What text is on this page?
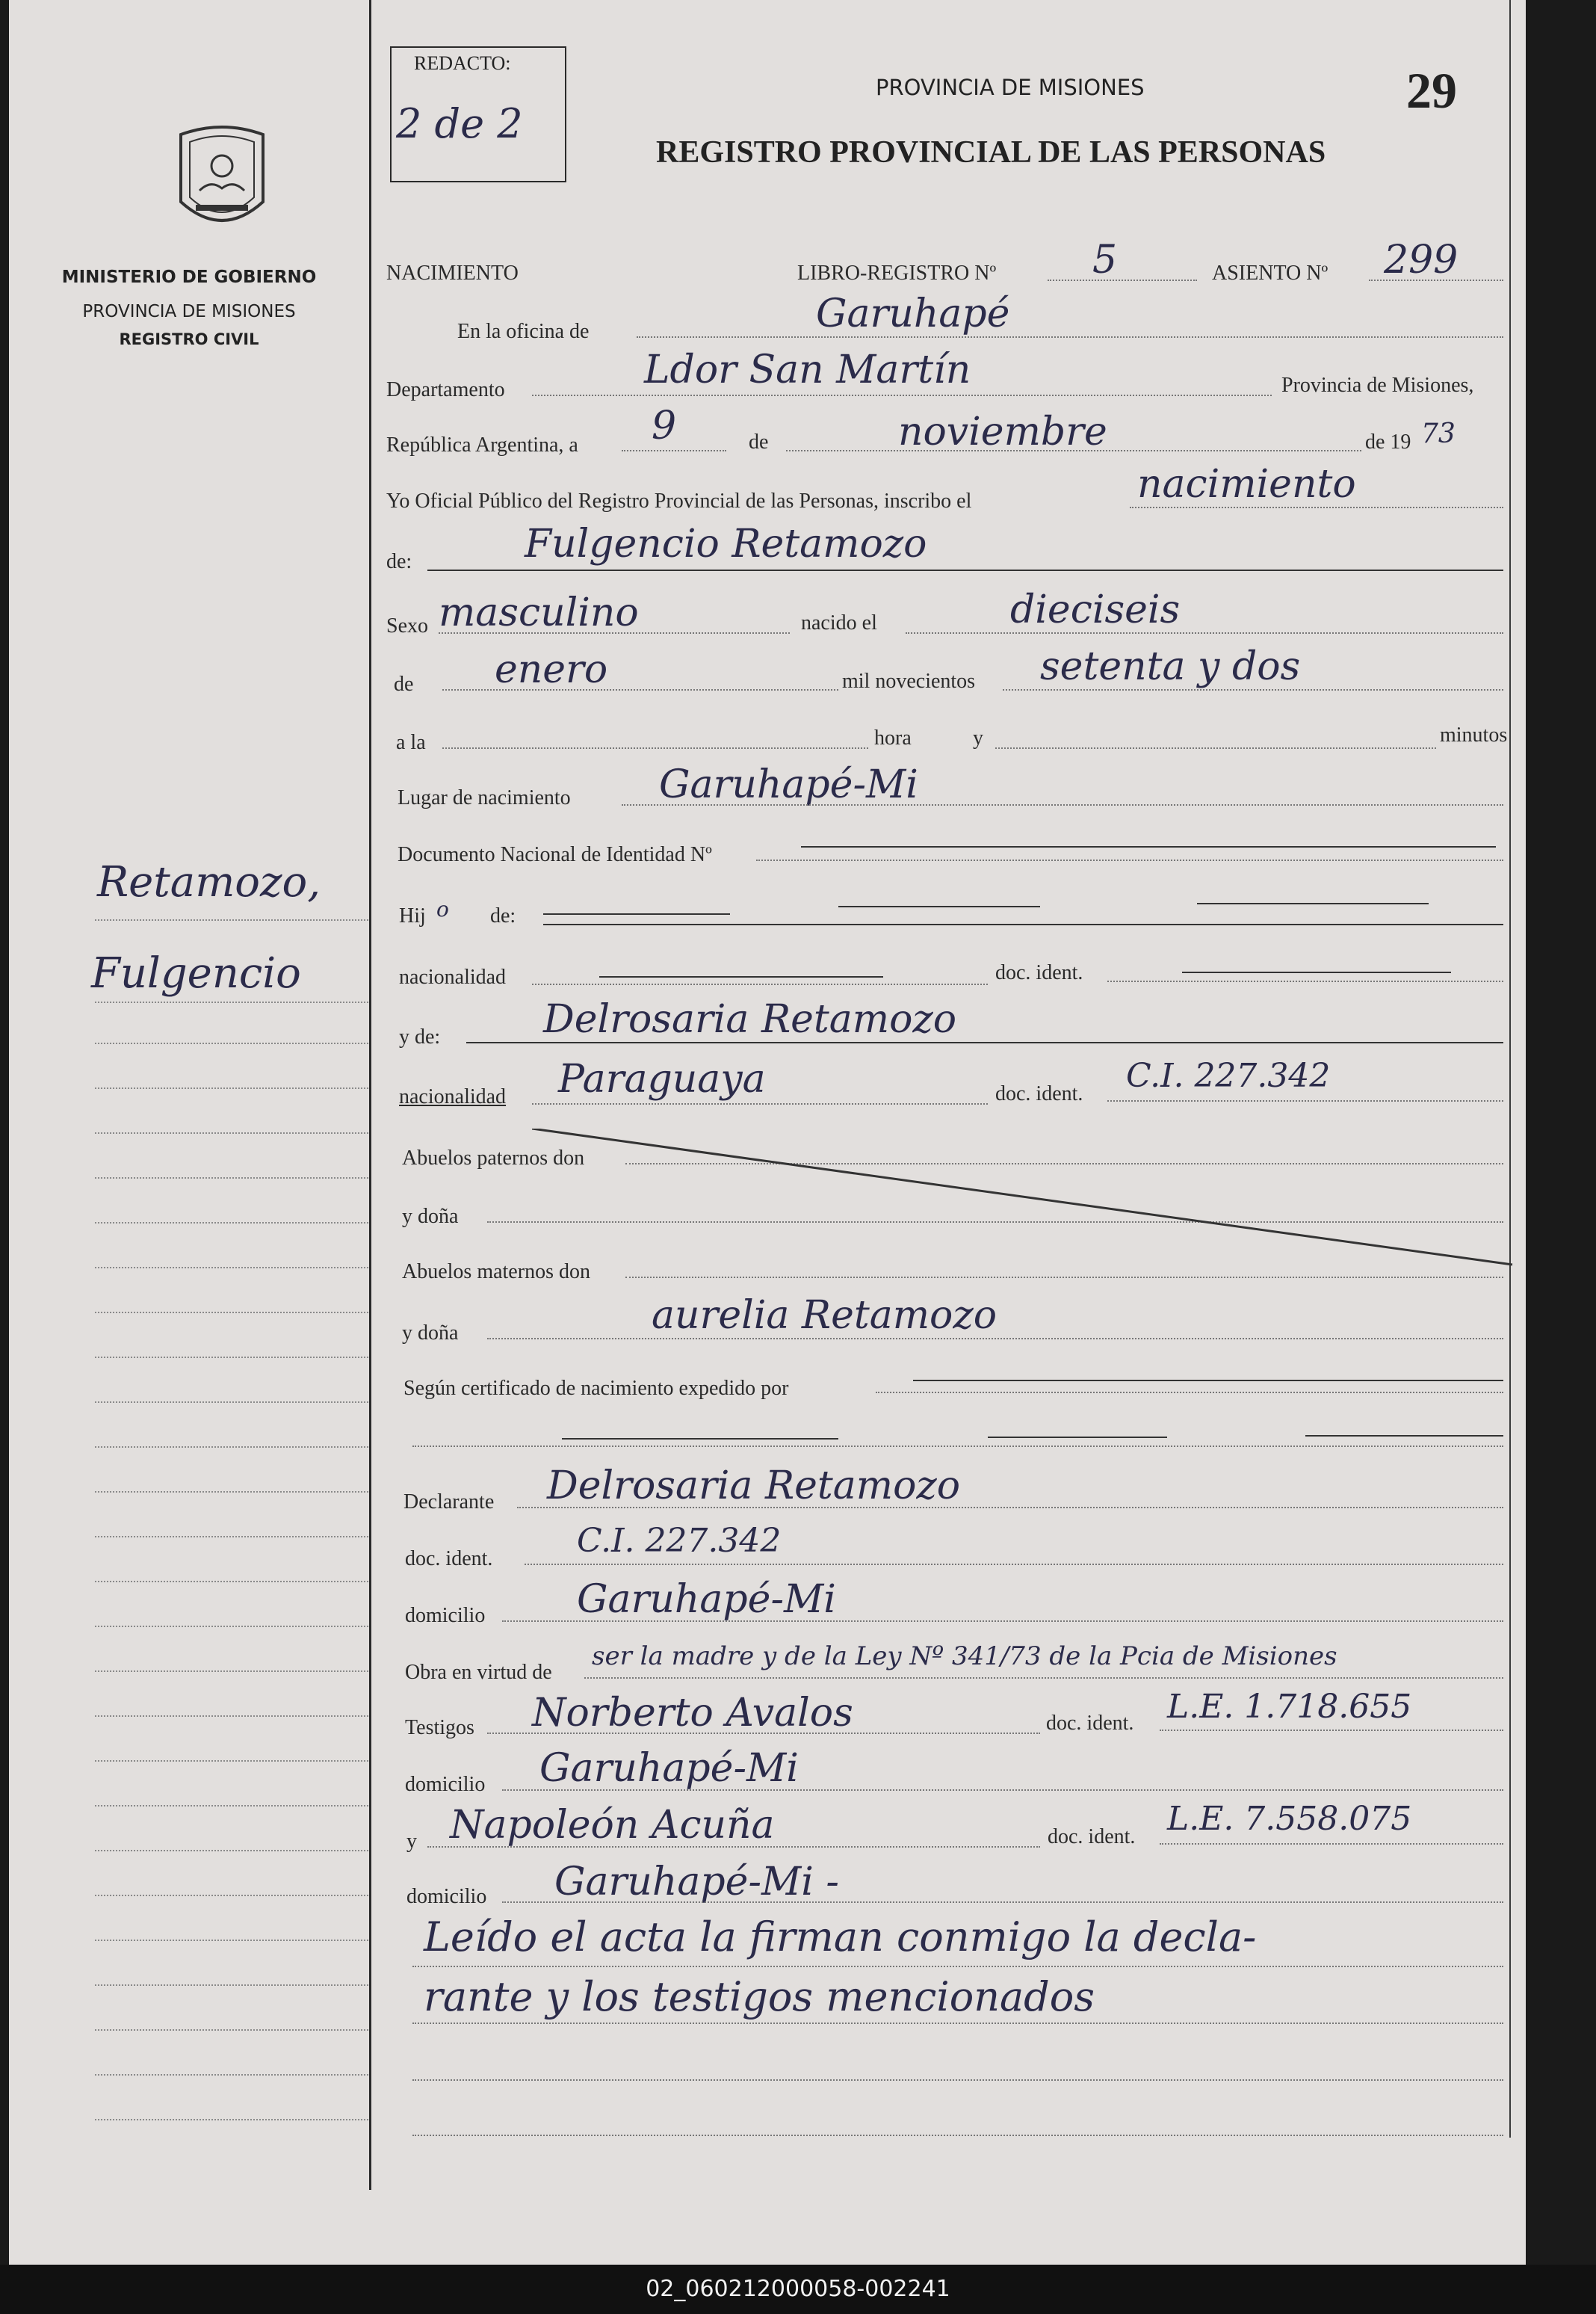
MINISTERIO DE GOBIERNO
PROVINCIA DE MISIONES
REGISTRO CIVIL
Retamozo,
Fulgencio
REDACTO:
2 de 2
PROVINCIA DE MISIONES
REGISTRO PROVINCIAL DE LAS PERSONAS
29
NACIMIENTO	LIBRO-REGISTRO Nº 5	ASIENTO Nº 299
En la oficina de	Garuhapé
Departamento	Ldor San Martín	Provincia de Misiones,
República Argentina, a 9	de	noviembre	de 19 73
Yo Oficial Público del Registro Provincial de las Personas, inscribo el	nacimiento
de:	Fulgencio Retamozo
Sexo masculino	nacido el	dieciseis
de enero	mil novecientos setenta y dos
a la	hora	y	minutos
Lugar de nacimiento Garuhapé-Mi
Documento Nacional de Identidad Nº
Hij o de:
nacionalidad	doc. ident.
y de:	Delrosaria Retamozo
nacionalidad Paraguaya	doc. ident. C.I. 227.342
Abuelos paternos don
y doña
Abuelos maternos don
y doña	aurelia Retamozo
Según certificado de nacimiento expedido por
Declarante Delrosaria Retamozo
doc. ident.	C.I. 227.342
domicilio Garuhapé-Mi
Obra en virtud de
ser la madre y de la Ley Nº 341/73 de la Pcia de Misiones
Testigos Norberto Avalos	doc. ident. L.E. 1.718.655
domicilio Garuhapé-Mi
y Napoleón Acuña	doc. ident. L.E. 7.558.075
domicilio Garuhapé-Mi -
Leído el acta la firman conmigo la decla-
rante y los testigos mencionados
02_060212000058-002241
